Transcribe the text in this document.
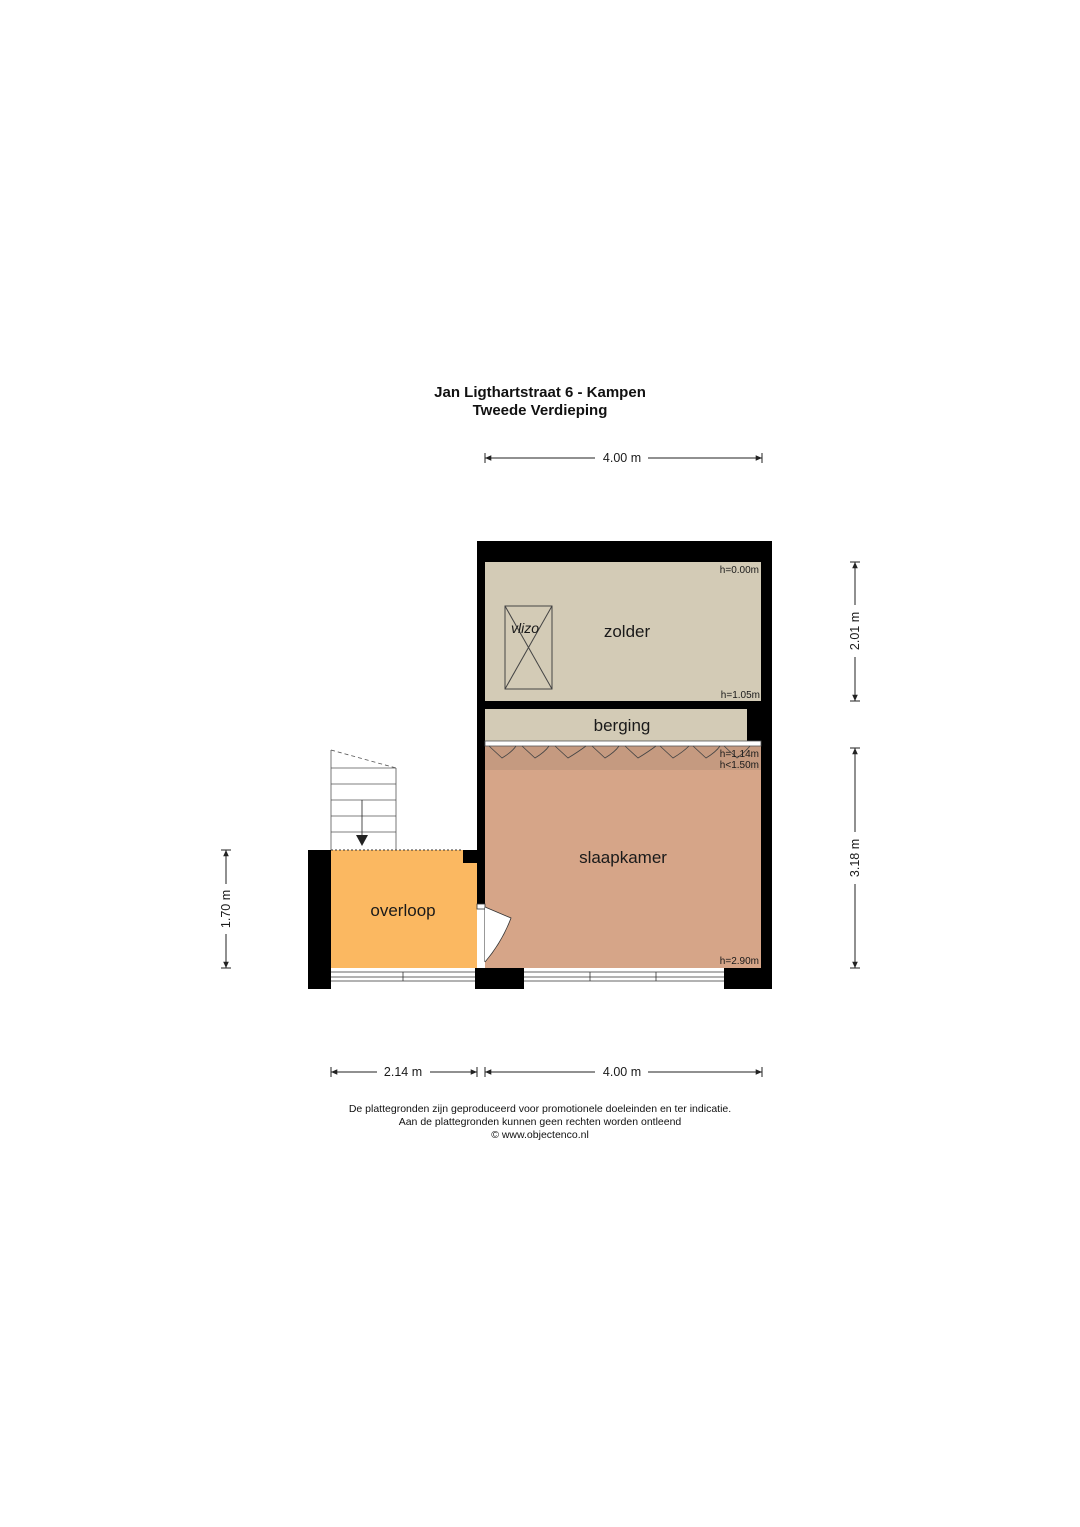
Jan Ligthartstraat 6 - Kampen
Tweede Verdieping
vlizo	zolder
berging
slaapkamer
overloop
h=0.00m
h=1.05m
h=1.14m
h<1.50m
h=2.90m
4.00 m
2.01 m
3.18 m
1.70 m
2.14 m	4.00 m
De plattegronden zijn geproduceerd voor promotionele doeleinden en ter indicatie.
Aan de plattegronden kunnen geen rechten worden ontleend
© www.objectenco.nl
